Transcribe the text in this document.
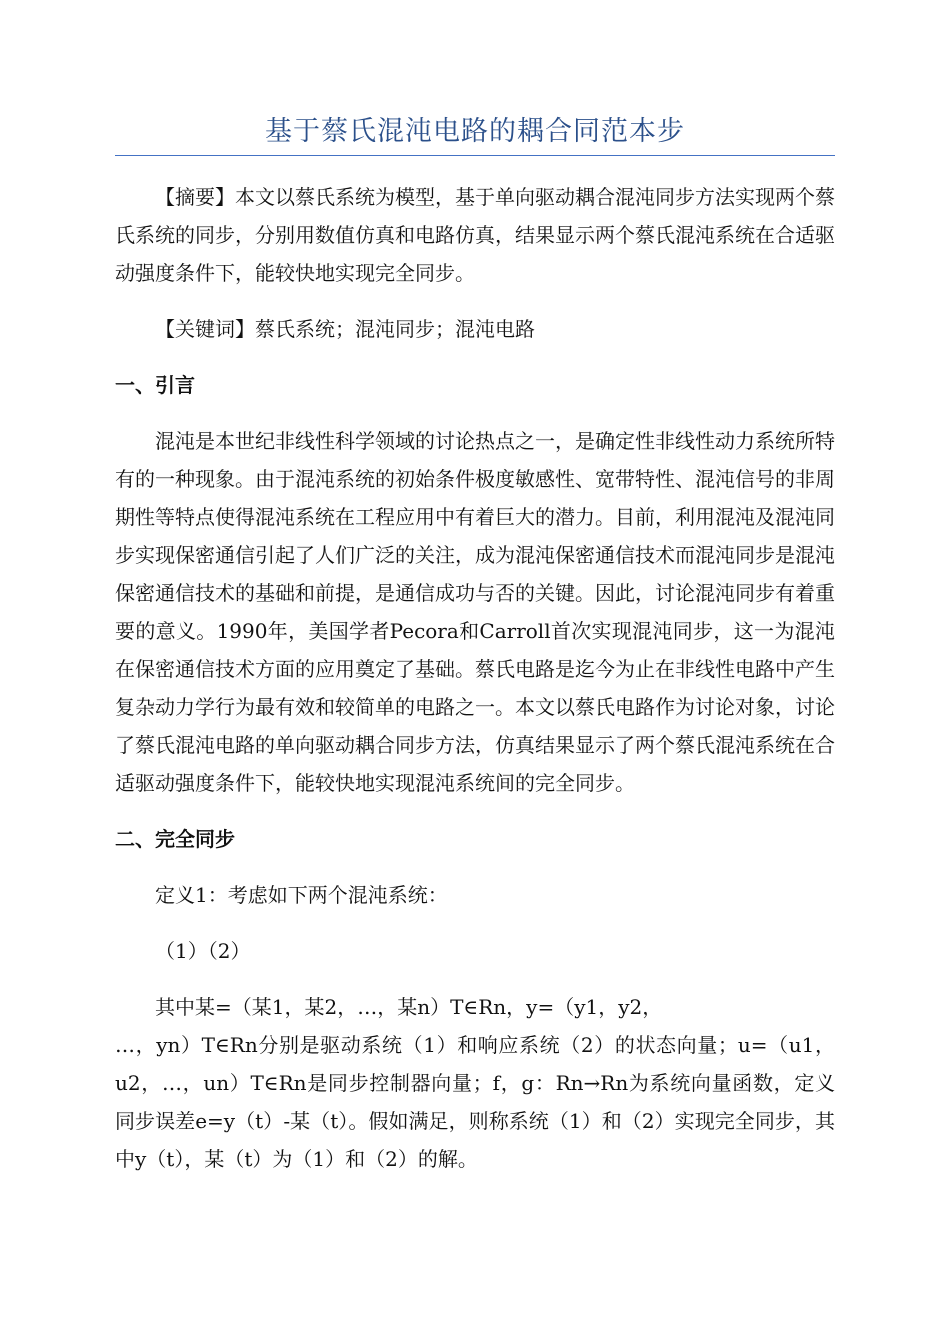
基于蔡氏混沌电路的耦合同范本步

【摘要】本文以蔡氏系统为模型，基于单向驱动耦合混沌同步方法实现两个蔡氏系统的同步，分别用数值仿真和电路仿真，结果显示两个蔡氏混沌系统在合适驱动强度条件下，能较快地实现完全同步。

【关键词】蔡氏系统；混沌同步；混沌电路

一、引言

混沌是本世纪非线性科学领域的讨论热点之一，是确定性非线性动力系统所特有的一种现象。由于混沌系统的初始条件极度敏感性、宽带特性、混沌信号的非周期性等特点使得混沌系统在工程应用中有着巨大的潜力。目前，利用混沌及混沌同步实现保密通信引起了人们广泛的关注，成为混沌保密通信技术而混沌同步是混沌保密通信技术的基础和前提，是通信成功与否的关键。因此，讨论混沌同步有着重要的意义。1990年，美国学者Pecora和Carroll首次实现混沌同步，这一为混沌在保密通信技术方面的应用奠定了基础。蔡氏电路是迄今为止在非线性电路中产生复杂动力学行为最有效和较简单的电路之一。本文以蔡氏电路作为讨论对象，讨论了蔡氏混沌电路的单向驱动耦合同步方法，仿真结果显示了两个蔡氏混沌系统在合适驱动强度条件下，能较快地实现混沌系统间的完全同步。

二、完全同步

定义1：考虑如下两个混沌系统：

（1）（2）

其中某=（某1，某2，…，某n）T∈Rn，y=（y1，y2，

…，yn）T∈Rn分别是驱动系统（1）和响应系统（2）的状态向量；u=（u1，u2，…，un）T∈Rn是同步控制器向量；f，g：Rn→Rn为系统向量函数，定义同步误差e=y（t）-某（t）。假如满足，则称系统（1）和（2）实现完全同步，其中y（t），某（t）为（1）和（2）的解。
